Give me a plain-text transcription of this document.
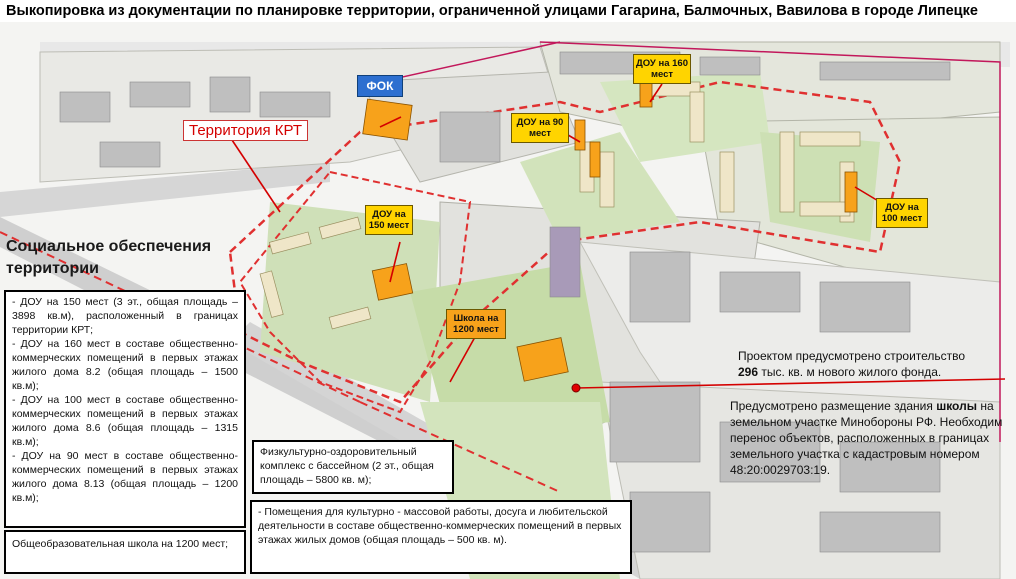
Выкопировка из документации по планировке территории, ограниченной улицами Гагарина, Балмочных, Вавилова в городе Липецке
Территория КРТ
ФОК
ДОУ на 150 мест
ДОУ на 160 мест
ДОУ на 90 мест
ДОУ на 100 мест
Школа на 1200 мест
Социальное обеспечения территории

- ДОУ на 150 мест (3 эт., общая площадь – 3898 кв.м), расположенный в границах территории КРТ;

- ДОУ на 160 мест в составе общественно-коммерческих помещений в первых этажах жилого дома 8.2 (общая площадь – 1500 кв.м);

- ДОУ на 100 мест в составе общественно-коммерческих помещений в первых этажах жилого дома 8.6 (общая площадь – 1315 кв.м);

- ДОУ на 90 мест в составе общественно-коммерческих помещений в первых этажах жилого дома 8.13 (общая площадь – 1200 кв.м);

Общеобразовательная школа на 1200 мест;
Физкультурно-оздоровительный комплекс с бассейном (2 эт., общая площадь – 5800 кв. м);
- Помещения для культурно - массовой работы, досуга и любительской деятельности в составе общественно-коммерческих помещений в первых этажах жилых домов (общая площадь – 500 кв. м).
Проектом предусмотрено строительство
296 тыс. кв. м нового жилого фонда.
Предусмотрено размещение здания школы на земельном участке Минобороны РФ. Необходим перенос объектов, расположенных в границах земельного участка с кадастровым номером 48:20:0029703:19.
